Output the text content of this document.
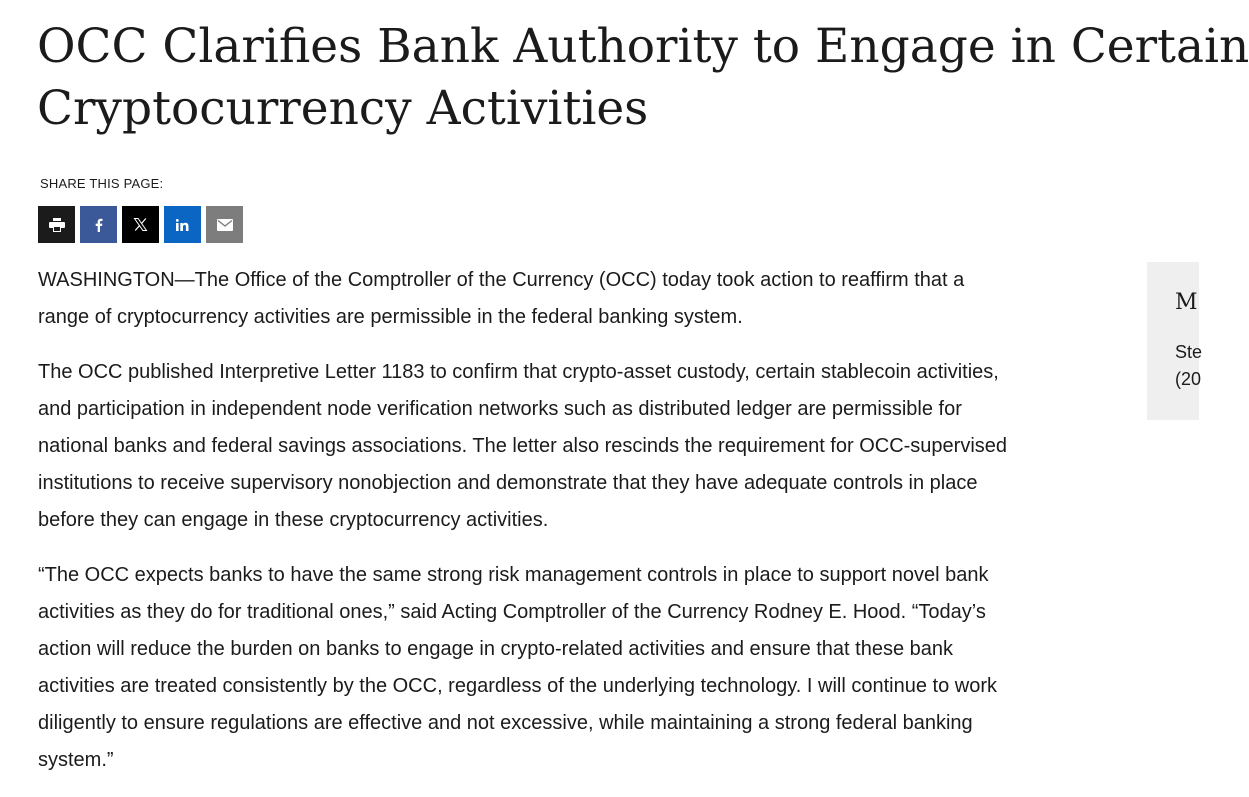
OCC Clarifies Bank Authority to Engage in Certain
Cryptocurrency Activities
SHARE THIS PAGE:

WASHINGTON—The Office of the Comptroller of the Currency (OCC) today took action to reaffirm that a
range of cryptocurrency activities are permissible in the federal banking system.

The OCC published Interpretive Letter 1183 to confirm that crypto-asset custody, certain stablecoin activities,
and participation in independent node verification networks such as distributed ledger are permissible for
national banks and federal savings associations. The letter also rescinds the requirement for OCC-supervised
institutions to receive supervisory nonobjection and demonstrate that they have adequate controls in place
before they can engage in these cryptocurrency activities.

“The OCC expects banks to have the same strong risk management controls in place to support novel bank
activities as they do for traditional ones,” said Acting Comptroller of the Currency Rodney E. Hood. “Today’s
action will reduce the burden on banks to engage in crypto-related activities and ensure that these bank
activities are treated consistently by the OCC, regardless of the underlying technology. I will continue to work
diligently to ensure regulations are effective and not excessive, while maintaining a strong federal banking
system.”

M
Ste
(20
